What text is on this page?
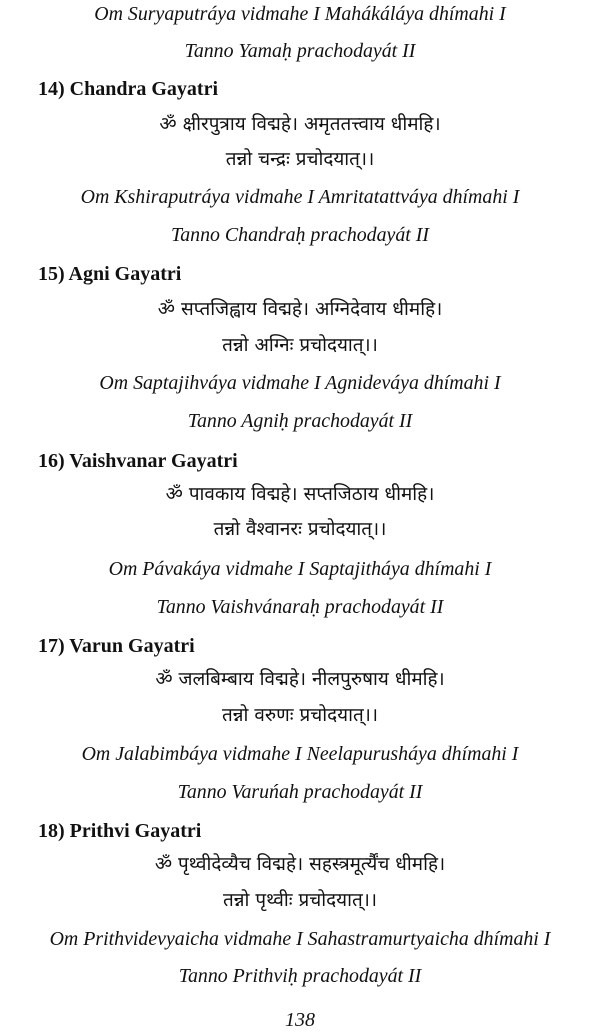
Om Suryaputráya vidmahe I Mahákáláya dhímahi I
Tanno Yamaḥ prachodayát II
14) Chandra Gayatri
ॐ क्षीरपुत्राय विद्महे। अमृततत्त्वाय धीमहि।
तन्नो चन्द्रः प्रचोदयात्।।
Om Kshiraputráya vidmahe I Amritatattváya dhímahi I
Tanno Chandraḥ prachodayát II
15) Agni Gayatri
ॐ सप्तजिह्वाय विद्महे। अग्निदेवाय धीमहि।
तन्नो अग्निः प्रचोदयात्।।
Om Saptajihváya vidmahe I Agnideváya dhímahi I
Tanno Agniḥ prachodayát II
16) Vaishvanar Gayatri
ॐ पावकाय विद्महे। सप्तजिठाय धीमहि।
तन्नो वैश्वानरः प्रचोदयात्।।
Om Pávakáya vidmahe I Saptajitháya dhímahi I
Tanno Vaishvánaraḥ prachodayát II
17) Varun Gayatri
ॐ जलबिम्बाय विद्महे। नीलपुरुषाय धीमहि।
तन्नो वरुणः प्रचोदयात्।।
Om Jalabimbáya vidmahe I Neelapurusháya dhímahi I
Tanno Varuńah prachodayát II
18) Prithvi Gayatri
ॐ पृथ्वीदेव्यैच विद्महे। सहस्त्रमूर्त्यैंच धीमहि।
तन्नो पृथ्वीः प्रचोदयात्।।
Om Prithvidevyaicha vidmahe I Sahastramurtyaicha dhímahi I
Tanno Prithviḥ prachodayát II
138
